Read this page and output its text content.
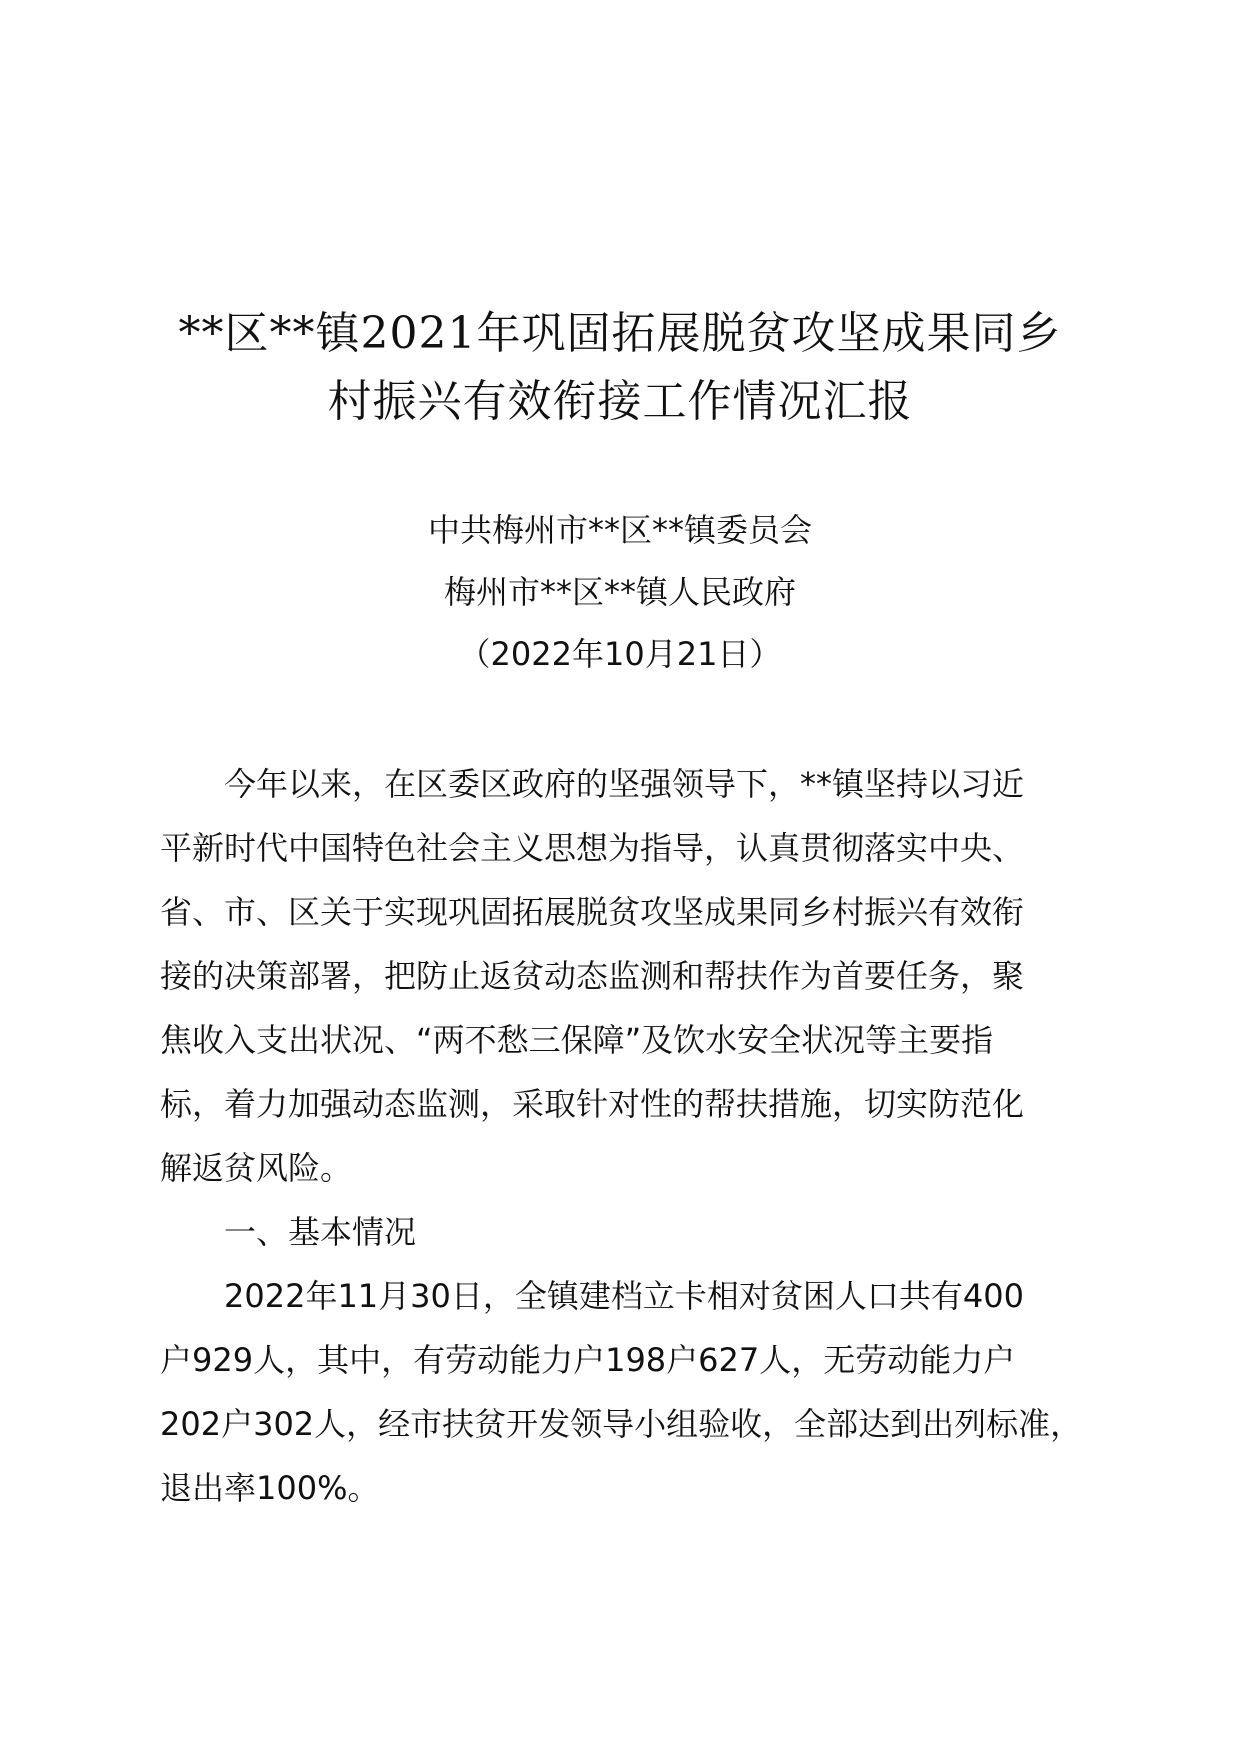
**区**镇2021年巩固拓展脱贫攻坚成果同乡
村振兴有效衔接工作情况汇报

中共梅州市**区**镇委员会

梅州市**区**镇人民政府

（2022年10月21日）

今年以来，在区委区政府的坚强领导下，**镇坚持以习近
平新时代中国特色社会主义思想为指导，认真贯彻落实中央、
省、市、区关于实现巩固拓展脱贫攻坚成果同乡村振兴有效衔
接的决策部署，把防止返贫动态监测和帮扶作为首要任务，聚
焦收入支出状况、“两不愁三保障”及饮水安全状况等主要指
标，着力加强动态监测，采取针对性的帮扶措施，切实防范化
解返贫风险。
一、基本情况
2022年11月30日，全镇建档立卡相对贫困人口共有400
户929人，其中，有劳动能力户198户627人，无劳动能力户
202户302人，经市扶贫开发领导小组验收，全部达到出列标准，
退出率100%。
